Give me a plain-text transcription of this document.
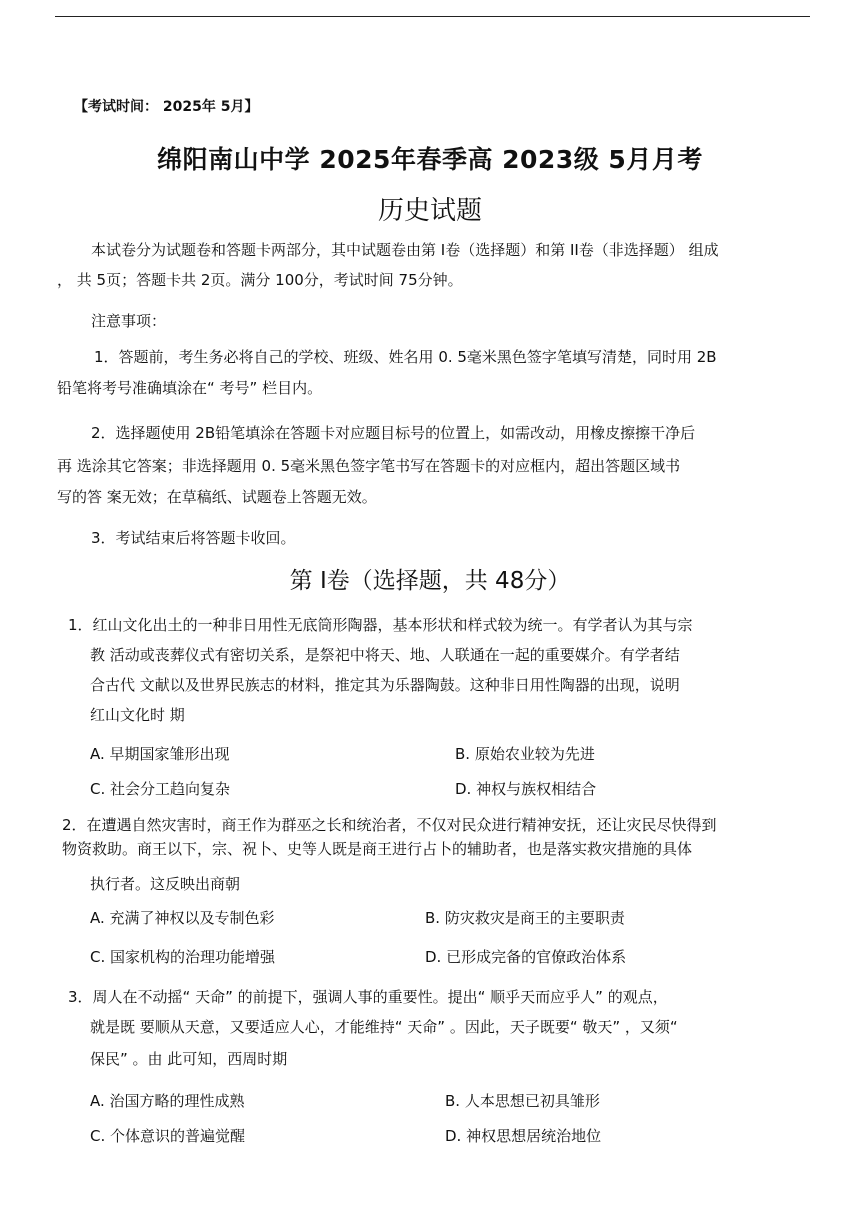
【考试时间： 2025年 5月】
绵阳南山中学 2025年春季高 2023级 5月月考
历史试题
本试卷分为试题卷和答题卡两部分，其中试题卷由第 I卷（选择题）和第 II卷（非选择题） 组成
， 共 5页；答题卡共 2页。满分 100分，考试时间 75分钟。
注意事项：
1．答题前，考生务必将自己的学校、班级、姓名用 0. 5毫米黑色签字笔填写清楚，同时用 2B
铅笔将考号准确填涂在“ 考号” 栏目内。
2．选择题使用 2B铅笔填涂在答题卡对应题目标号的位置上，如需改动，用橡皮擦擦干净后
再 选涂其它答案；非选择题用 0. 5毫米黑色签字笔书写在答题卡的对应框内，超出答题区域书
写的答 案无效；在草稿纸、试题卷上答题无效。
3．考试结束后将答题卡收回。
第 I卷（选择题，共 48分）
1．红山文化出土的一种非日用性无底筒形陶器，基本形状和样式较为统一。有学者认为其与宗
教 活动或丧葬仪式有密切关系，是祭祀中将天、地、人联通在一起的重要媒介。有学者结
合古代 文献以及世界民族志的材料，推定其为乐器陶鼓。这种非日用性陶器的出现，说明
红山文化时 期
A. 早期国家雏形出现	B. 原始农业较为先进
C. 社会分工趋向复杂	D. 神权与族权相结合
2．在遭遇自然灾害时，商王作为群巫之长和统治者，不仅对民众进行精神安抚，还让灾民尽快得到
物资救助。商王以下，宗、祝卜、史等人既是商王进行占卜的辅助者，也是落实救灾措施的具体
执行者。这反映出商朝
A. 充满了神权以及专制色彩	B. 防灾救灾是商王的主要职责
C. 国家机构的治理功能增强	D. 已形成完备的官僚政治体系
3．周人在不动摇“ 天命” 的前提下，强调人事的重要性。提出“ 顺乎天而应乎人” 的观点，
就是既 要顺从天意，又要适应人心，才能维持“ 天命” 。因此，天子既要“ 敬天” ，又须“
保民” 。由 此可知，西周时期
A. 治国方略的理性成熟	B. 人本思想已初具雏形
C. 个体意识的普遍觉醒	D. 神权思想居统治地位
